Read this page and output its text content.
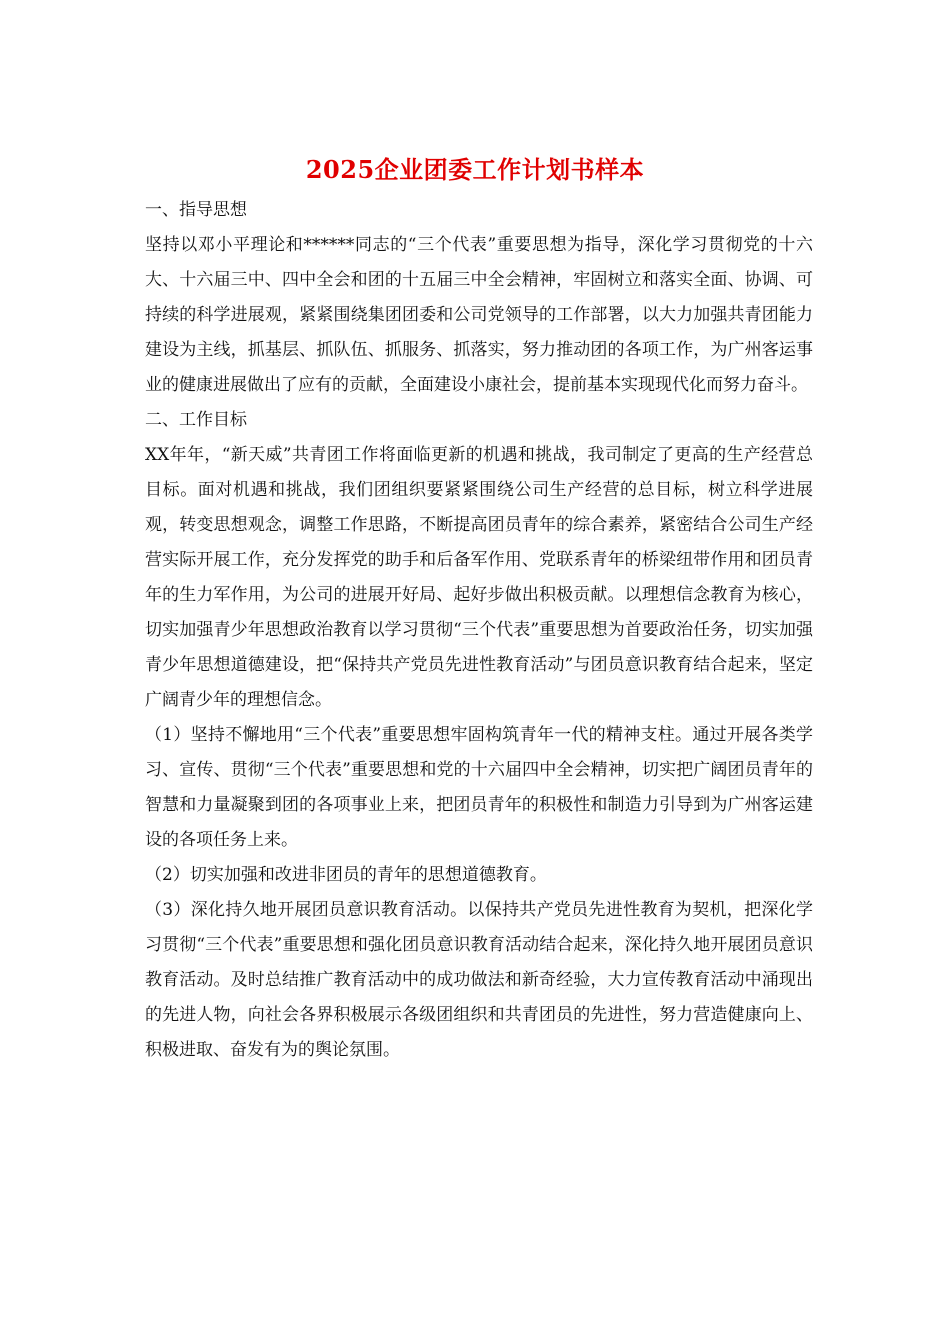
2025企业团委工作计划书样本

一、指导思想

坚持以邓小平理论和******同志的“三个代表”重要思想为指导，深化学习贯彻党的十六大、十六届三中、四中全会和团的十五届三中全会精神，牢固树立和落实全面、协调、可持续的科学进展观，紧紧围绕集团团委和公司党领导的工作部署，以大力加强共青团能力建设为主线，抓基层、抓队伍、抓服务、抓落实，努力推动团的各项工作，为广州客运事业的健康进展做出了应有的贡献，全面建设小康社会，提前基本实现现代化而努力奋斗。

二、工作目标

XX年年，“新天威”共青团工作将面临更新的机遇和挑战，我司制定了更高的生产经营总目标。面对机遇和挑战，我们团组织要紧紧围绕公司生产经营的总目标，树立科学进展观，转变思想观念，调整工作思路，不断提高团员青年的综合素养，紧密结合公司生产经营实际开展工作，充分发挥党的助手和后备军作用、党联系青年的桥梁纽带作用和团员青年的生力军作用，为公司的进展开好局、起好步做出积极贡献。以理想信念教育为核心，切实加强青少年思想政治教育以学习贯彻“三个代表”重要思想为首要政治任务，切实加强青少年思想道德建设，把“保持共产党员先进性教育活动”与团员意识教育结合起来，坚定广阔青少年的理想信念。

（1）坚持不懈地用“三个代表”重要思想牢固构筑青年一代的精神支柱。通过开展各类学习、宣传、贯彻“三个代表”重要思想和党的十六届四中全会精神，切实把广阔团员青年的智慧和力量凝聚到团的各项事业上来，把团员青年的积极性和制造力引导到为广州客运建设的各项任务上来。

（2）切实加强和改进非团员的青年的思想道德教育。

（3）深化持久地开展团员意识教育活动。以保持共产党员先进性教育为契机，把深化学习贯彻“三个代表”重要思想和强化团员意识教育活动结合起来，深化持久地开展团员意识教育活动。及时总结推广教育活动中的成功做法和新奇经验，大力宣传教育活动中涌现出的先进人物，向社会各界积极展示各级团组织和共青团员的先进性，努力营造健康向上、积极进取、奋发有为的舆论氛围。
